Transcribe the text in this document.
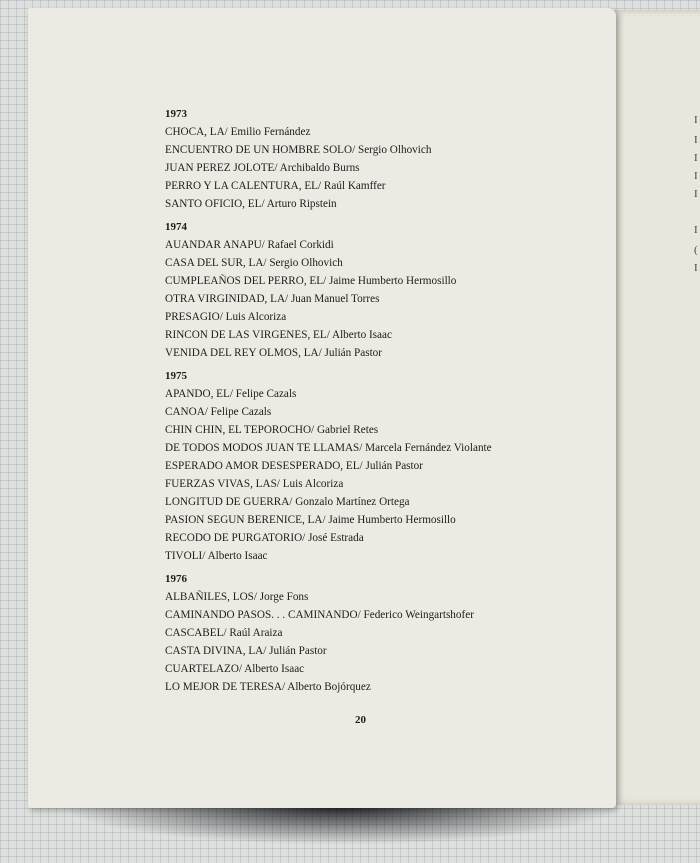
I
I
I
I
I
I
(
I
1973
CHOCA, LA/ Emilio Fernández
ENCUENTRO DE UN HOMBRE SOLO/ Sergio Olhovich
JUAN PEREZ JOLOTE/ Archibaldo Burns
PERRO Y LA CALENTURA, EL/ Raúl Kamffer
SANTO OFICIO, EL/ Arturo Ripstein
1974
AUANDAR ANAPU/ Rafael Corkidi
CASA DEL SUR, LA/ Sergio Olhovich
CUMPLEAÑOS DEL PERRO, EL/ Jaime Humberto Hermosillo
OTRA VIRGINIDAD, LA/ Juan Manuel Torres
PRESAGIO/ Luis Alcoriza
RINCON DE LAS VIRGENES, EL/ Alberto Isaac
VENIDA DEL REY OLMOS, LA/ Julián Pastor
1975
APANDO, EL/ Felipe Cazals
CANOA/ Felipe Cazals
CHIN CHIN, EL TEPOROCHO/ Gabriel Retes
DE TODOS MODOS JUAN TE LLAMAS/ Marcela Fernández Violante
ESPERADO AMOR DESESPERADO, EL/ Julián Pastor
FUERZAS VIVAS, LAS/ Luis Alcoriza
LONGITUD DE GUERRA/ Gonzalo Martínez Ortega
PASION SEGUN BERENICE, LA/ Jaime Humberto Hermosillo
RECODO DE PURGATORIO/ José Estrada
TIVOLI/ Alberto Isaac
1976
ALBAÑILES, LOS/ Jorge Fons
CAMINANDO PASOS. . . CAMINANDO/ Federico Weingartshofer
CASCABEL/ Raúl Araiza
CASTA DIVINA, LA/ Julián Pastor
CUARTELAZO/ Alberto Isaac
LO MEJOR DE TERESA/ Alberto Bojórquez
20
